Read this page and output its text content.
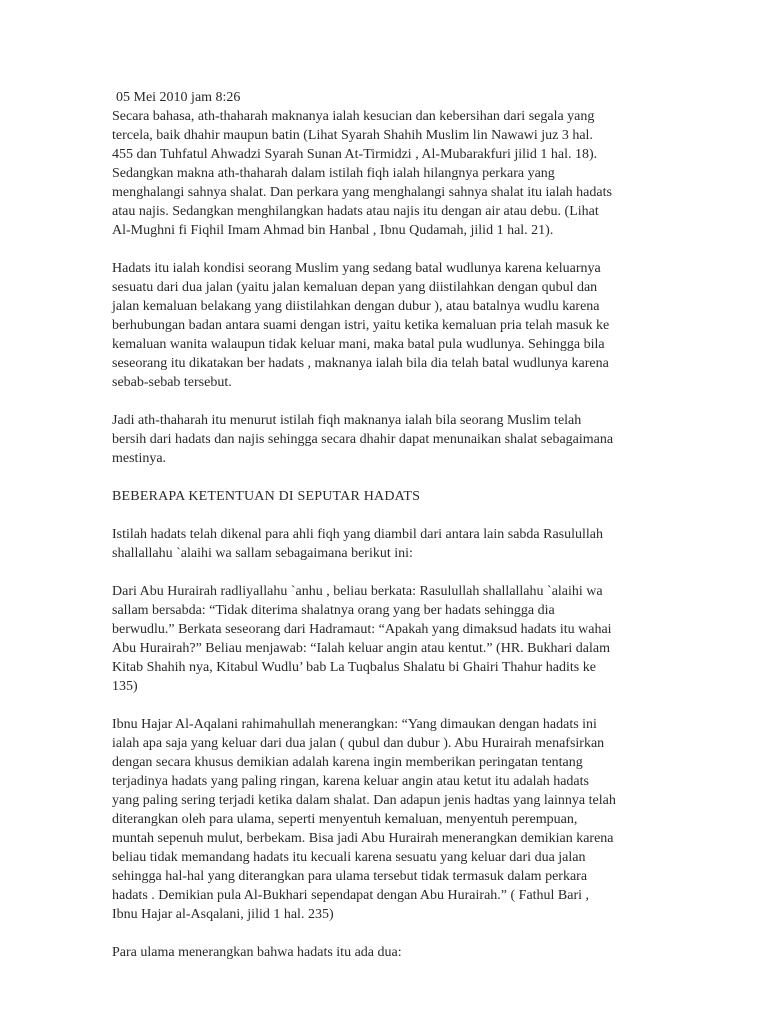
05 Mei 2010 jam 8:26
Secara bahasa, ath-thaharah maknanya ialah kesucian dan kebersihan dari segala yang
tercela, baik dhahir maupun batin (Lihat Syarah Shahih Muslim lin Nawawi juz 3 hal.
455 dan Tuhfatul Ahwadzi Syarah Sunan At-Tirmidzi , Al-Mubarakfuri jilid 1 hal. 18).
Sedangkan makna ath-thaharah dalam istilah fiqh ialah hilangnya perkara yang
menghalangi sahnya shalat. Dan perkara yang menghalangi sahnya shalat itu ialah hadats
atau najis. Sedangkan menghilangkan hadats atau najis itu dengan air atau debu. (Lihat
Al-Mughni fi Fiqhil Imam Ahmad bin Hanbal , Ibnu Qudamah, jilid 1 hal. 21).
Hadats itu ialah kondisi seorang Muslim yang sedang batal wudlunya karena keluarnya
sesuatu dari dua jalan (yaitu jalan kemaluan depan yang diistilahkan dengan qubul dan
jalan kemaluan belakang yang diistilahkan dengan dubur ), atau batalnya wudlu karena
berhubungan badan antara suami dengan istri, yaitu ketika kemaluan pria telah masuk ke
kemaluan wanita walaupun tidak keluar mani, maka batal pula wudlunya. Sehingga bila
seseorang itu dikatakan ber hadats , maknanya ialah bila dia telah batal wudlunya karena
sebab-sebab tersebut.
Jadi ath-thaharah itu menurut istilah fiqh maknanya ialah bila seorang Muslim telah
bersih dari hadats dan najis sehingga secara dhahir dapat menunaikan shalat sebagaimana
mestinya.
BEBERAPA KETENTUAN DI SEPUTAR HADATS
Istilah hadats telah dikenal para ahli fiqh yang diambil dari antara lain sabda Rasulullah
shallallahu `alaihi wa sallam sebagaimana berikut ini:
Dari Abu Hurairah radliyallahu `anhu , beliau berkata: Rasulullah shallallahu `alaihi wa
sallam bersabda: “Tidak diterima shalatnya orang yang ber hadats sehingga dia
berwudlu.” Berkata seseorang dari Hadramaut: “Apakah yang dimaksud hadats itu wahai
Abu Hurairah?” Beliau menjawab: “Ialah keluar angin atau kentut.” (HR. Bukhari dalam
Kitab Shahih nya, Kitabul Wudlu’ bab La Tuqbalus Shalatu bi Ghairi Thahur hadits ke
135)
Ibnu Hajar Al-Aqalani rahimahullah menerangkan: “Yang dimaukan dengan hadats ini
ialah apa saja yang keluar dari dua jalan ( qubul dan dubur ). Abu Hurairah menafsirkan
dengan secara khusus demikian adalah karena ingin memberikan peringatan tentang
terjadinya hadats yang paling ringan, karena keluar angin atau ketut itu adalah hadats
yang paling sering terjadi ketika dalam shalat. Dan adapun jenis hadtas yang lainnya telah
diterangkan oleh para ulama, seperti menyentuh kemaluan, menyentuh perempuan,
muntah sepenuh mulut, berbekam. Bisa jadi Abu Hurairah menerangkan demikian karena
beliau tidak memandang hadats itu kecuali karena sesuatu yang keluar dari dua jalan
sehingga hal-hal yang diterangkan para ulama tersebut tidak termasuk dalam perkara
hadats . Demikian pula Al-Bukhari sependapat dengan Abu Hurairah.” ( Fathul Bari ,
Ibnu Hajar al-Asqalani, jilid 1 hal. 235)
Para ulama menerangkan bahwa hadats itu ada dua:
